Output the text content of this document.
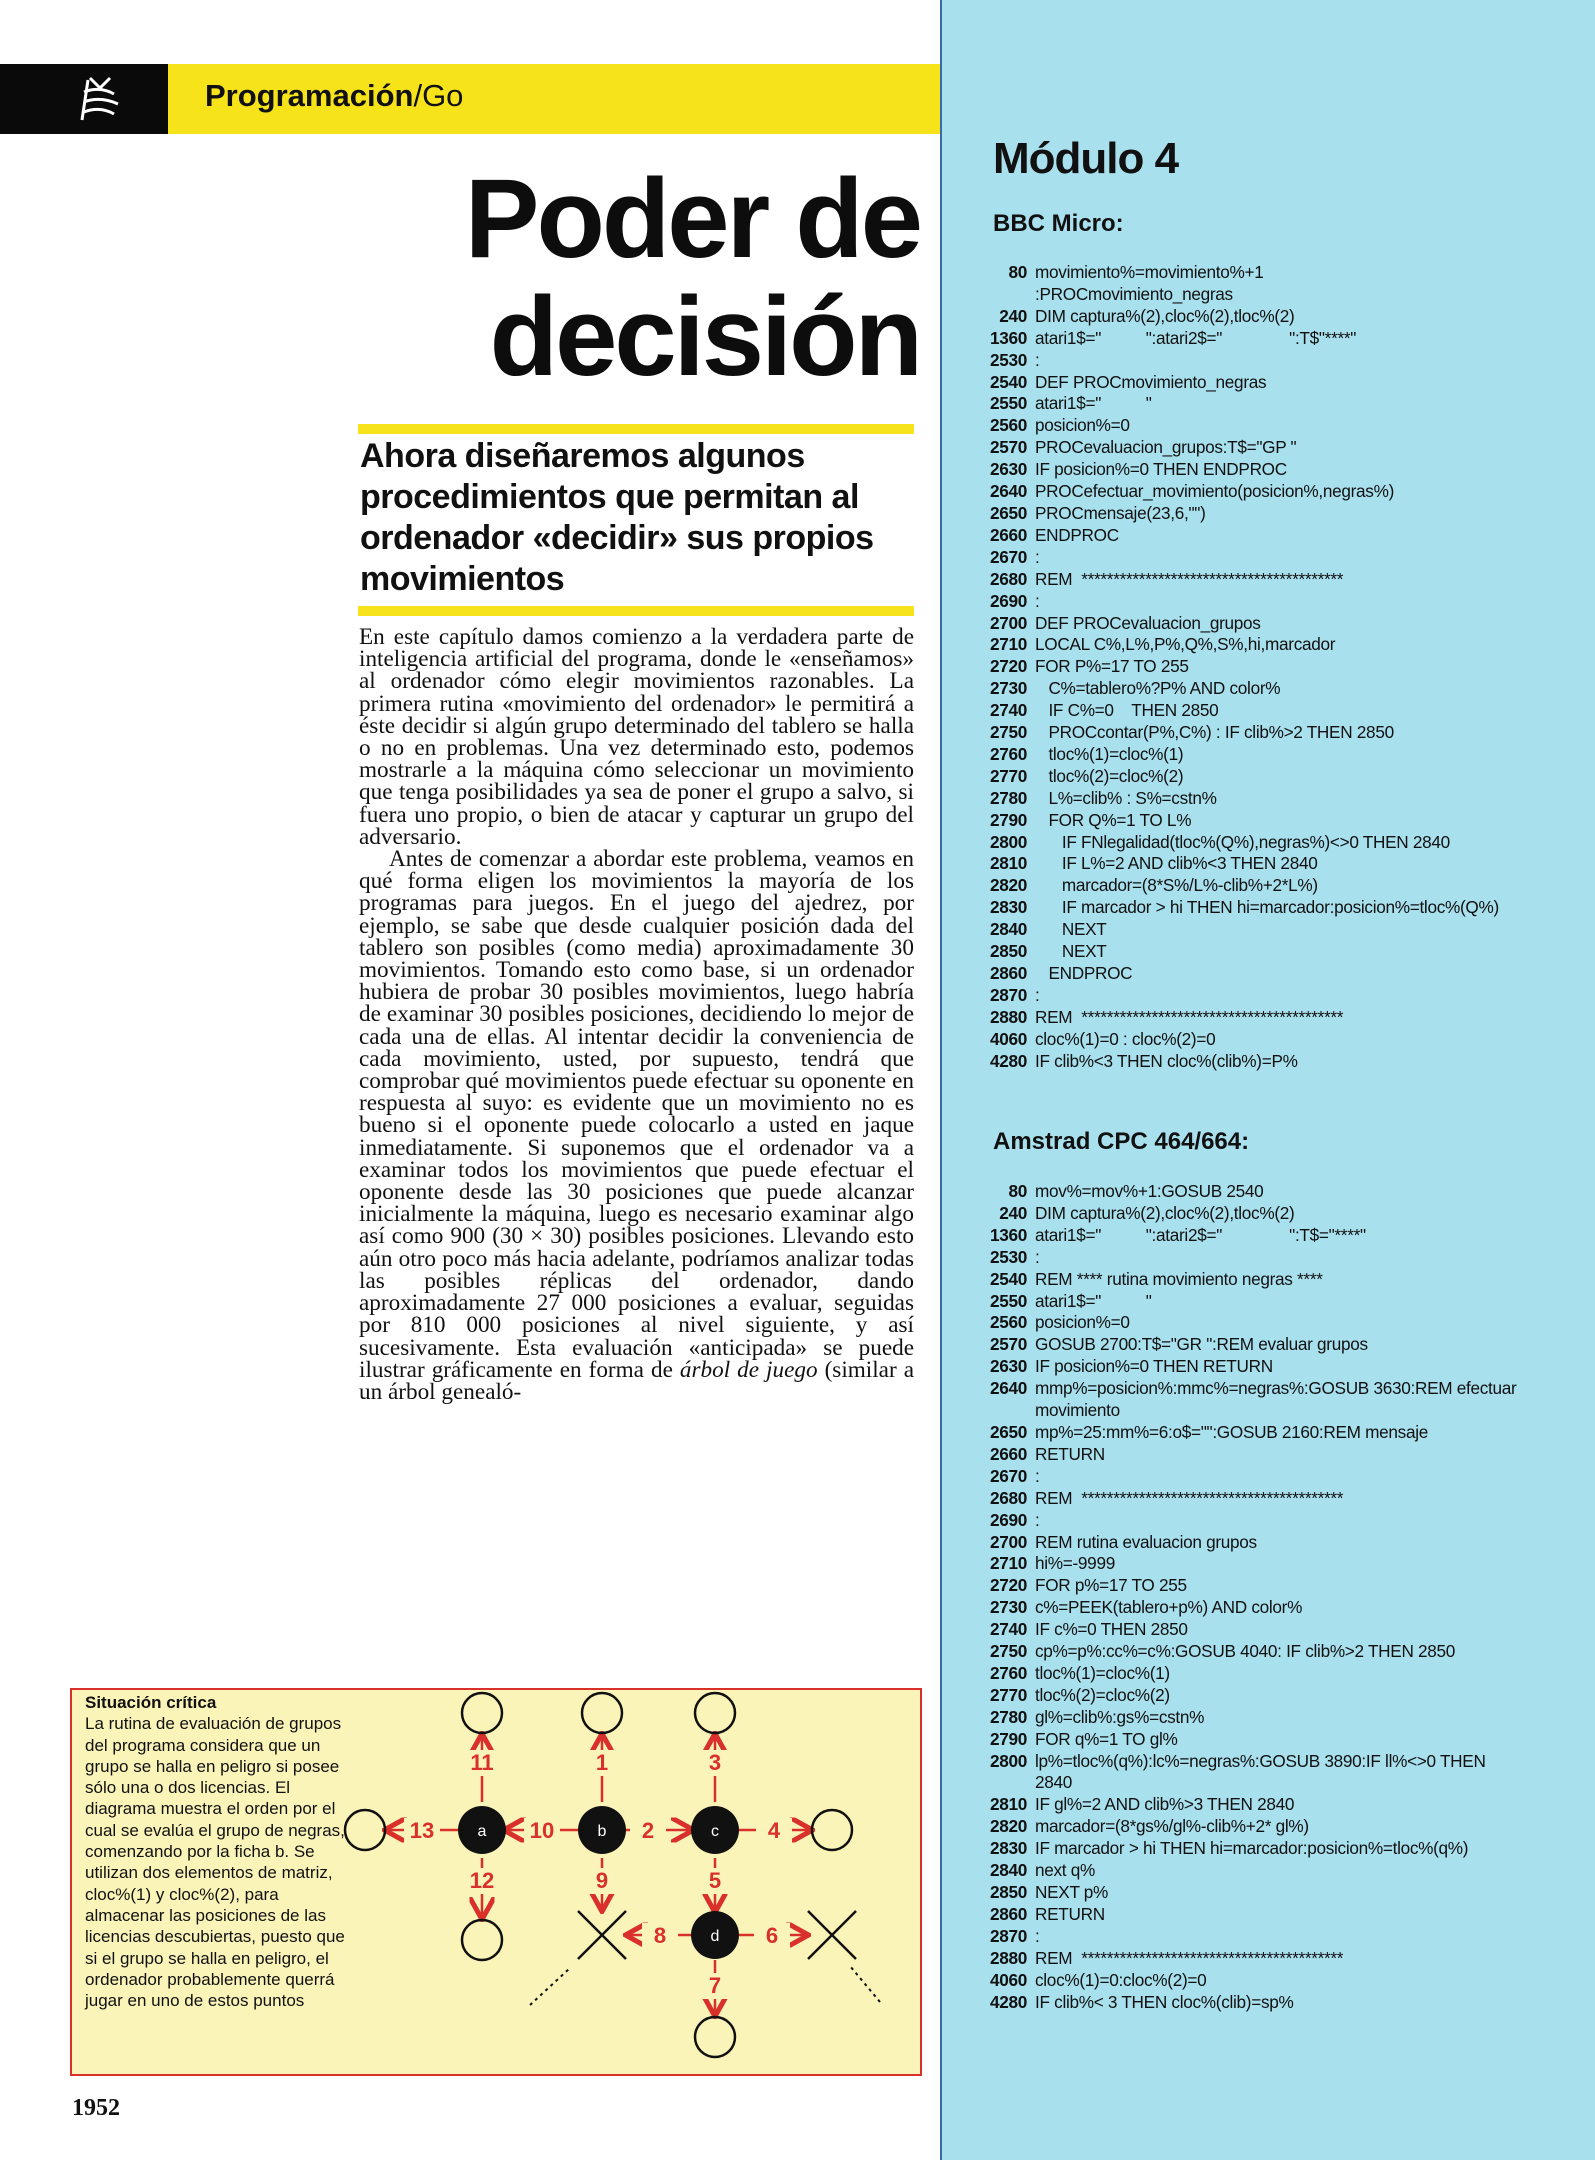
Programación/Go
Módulo 4
BBC Micro:
80 movimiento%=movimiento%+1
:PROCmovimiento_negras
240 DIM captura%(2),cloc%(2),tloc%(2)
1360 atari1$="          ":atari2$="               ":T$"****"
2530 :
2540 DEF PROCmovimiento_negras
2550 atari1$="          "
2560 posicion%=0
2570 PROCevaluacion_grupos:T$="GP "
2630 IF posicion%=0 THEN ENDPROC
2640 PROCefectuar_movimiento(posicion%,negras%)
2650 PROCmensaje(23,6,"")
2660 ENDPROC
2670 :
2680 REM  *****************************************
2690 :
2700 DEF PROCevaluacion_grupos
2710 LOCAL C%,L%,P%,Q%,S%,hi,marcador
2720 FOR P%=17 TO 255
2730 C%=tablero%?P% AND color%
2740 IF C%=0    THEN 2850
2750 PROCcontar(P%,C%) : IF clib%>2 THEN 2850
2760 tloc%(1)=cloc%(1)
2770 tloc%(2)=cloc%(2)
2780 L%=clib% : S%=cstn%
2790 FOR Q%=1 TO L%
2800 IF FNlegalidad(tloc%(Q%),negras%)<>0 THEN 2840
2810 IF L%=2 AND clib%<3 THEN 2840
2820 marcador=(8*S%/L%-clib%+2*L%)
2830 IF marcador > hi THEN hi=marcador:posicion%=tloc%(Q%)
2840 NEXT
2850 NEXT
2860 ENDPROC
2870 :
2880 REM  *****************************************
4060 cloc%(1)=0 : cloc%(2)=0
4280 IF clib%<3 THEN cloc%(clib%)=P%
Amstrad CPC 464/664:
80 mov%=mov%+1:GOSUB 2540
240 DIM captura%(2),cloc%(2),tloc%(2)
1360 atari1$="          ":atari2$="               ":T$="****"
2530 :
2540 REM **** rutina movimiento negras ****
2550 atari1$="          "
2560 posicion%=0
2570 GOSUB 2700:T$="GR ":REM evaluar grupos
2630 IF posicion%=0 THEN RETURN
2640 mmp%=posicion%:mmc%=negras%:GOSUB 3630:REM efectuar movimiento
2650 mp%=25:mm%=6:o$="":GOSUB 2160:REM mensaje
2660 RETURN
2670 :
2680 REM  *****************************************
2690 :
2700 REM rutina evaluacion grupos
2710 hi%=-9999
2720 FOR p%=17 TO 255
2730 c%=PEEK(tablero+p%) AND color%
2740 IF c%=0 THEN 2850
2750 cp%=p%:cc%=c%:GOSUB 4040: IF clib%>2 THEN 2850
2760 tloc%(1)=cloc%(1)
2770 tloc%(2)=cloc%(2)
2780 gl%=clib%:gs%=cstn%
2790 FOR q%=1 TO gl%
2800 lp%=tloc%(q%):lc%=negras%:GOSUB 3890:IF ll%<>0 THEN 2840
2810 IF gl%=2 AND clib%>3 THEN 2840
2820 marcador=(8*gs%/gl%-clib%+2* gl%)
2830 IF marcador > hi THEN hi=marcador:posicion%=tloc%(q%)
2840 next q%
2850 NEXT p%
2860 RETURN
2870 :
2880 REM  *****************************************
4060 cloc%(1)=0:cloc%(2)=0
4280 IF clib%< 3 THEN cloc%(clib)=sp%
Poder de
decisión
Ahora diseñaremos algunos procedimientos que permitan al ordenador «decidir» sus propios movimientos

En este capítulo damos comienzo a la verdadera parte de inteligencia artificial del programa, donde le «enseñamos» al ordenador cómo elegir movimientos razonables. La primera rutina «movimiento del ordenador» le permitirá a éste decidir si algún grupo determinado del tablero se halla o no en problemas. Una vez determinado esto, podemos mostrarle a la máquina cómo seleccionar un movimiento que tenga posibilidades ya sea de poner el grupo a salvo, si fuera uno propio, o bien de atacar y capturar un grupo del adversario.

Antes de comenzar a abordar este problema, veamos en qué forma eligen los movimientos la mayoría de los programas para juegos. En el juego del ajedrez, por ejemplo, se sabe que desde cualquier posición dada del tablero son posibles (como media) aproximadamente 30 movimientos. Tomando esto como base, si un ordenador hubiera de probar 30 posibles movimientos, luego habría de examinar 30 posibles posiciones, decidiendo lo mejor de cada una de ellas. Al intentar decidir la conveniencia de cada movimiento, usted, por supuesto, tendrá que comprobar qué movimientos puede efectuar su oponente en respuesta al suyo: es evidente que un movimiento no es bueno si el oponente puede colocarlo a usted en jaque inmediatamente. Si suponemos que el ordenador va a examinar todos los movimientos que puede efectuar el oponente desde las 30 posiciones que puede alcanzar inicialmente la máquina, luego es necesario examinar algo así como 900 (30 × 30) posibles posiciones. Llevando esto aún otro poco más hacia adelante, podríamos analizar todas las posibles réplicas del ordenador, dando aproximadamente 27 000 posiciones a evaluar, seguidas por 810 000 posiciones al nivel siguiente, y así sucesivamente. Esta evaluación «anticipada» se puede ilustrar gráficamente en forma de árbol de juego (similar a un árbol genealó-

Situación crítica
La rutina de evaluación de grupos del programa considera que un grupo se halla en peligro si posee sólo una o dos licencias. El diagrama muestra el orden por el cual se evalúa el grupo de negras, comenzando por la ficha b. Se utilizan dos elementos de matriz, cloc%(1) y cloc%(2), para almacenar las posiciones de las licencias descubiertas, puesto que si el grupo se halla en peligro, el ordenador probablemente querrá jugar en uno de estos puntos
1
2
3
4
5
6
7
8
9
10
11
12
13	a	b	c
d
1952
